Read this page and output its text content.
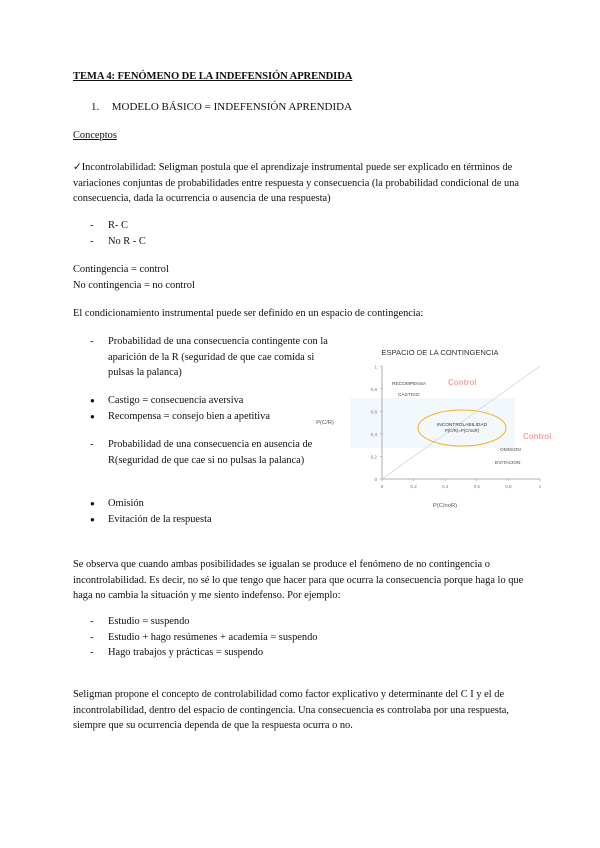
TEMA 4: FENÓMENO DE LA INDEFENSIÓN APRENDIDA
1. MODELO BÁSICO = INDEFENSIÓN APRENDIDA
Conceptos
✓Incontrolabilidad: Seligman postula que el aprendizaje instrumental puede ser explicado en términos de variaciones conjuntas de probabilidades entre respuesta y consecuencia (la probabilidad condicional de una consecuencia, dada la ocurrencia o ausencia de una respuesta)
-	R- C
-	No R - C
Contingencia = control
No contingencia = no control
El condicionamiento instrumental puede ser definido en un espacio de contingencia:
-	Probabilidad de una consecuencia contingente con la aparición de la R (seguridad de que cae comida si pulsas la palanca)
●	Castigo = consecuencia aversiva
●	Recompensa = consejo bien a apetitiva
-	Probabilidad de una consecuencia en ausencia de R(seguridad de que cae si no pulsas la palanca)
●	Omisión
●	Evitación de la respuesta
ESPACIO DE LA CONTINGENCIA
0
0,2
0,4
0,6
0,8
1
0	0,2	0,4	0,6	0,8	1
P(C/noR)
P(C/R)
RECOMPENSA
CASTIGO
Control
INCONTROLABILIDAD
P(C/R)=P(C/noR)
Control
OMISION
EVITACION
Se observa que cuando ambas posibilidades se igualan se produce el fenómeno de no contingencia o incontrolabilidad. Es decir, no sé lo que tengo que hacer para que ocurra la consecuencia porque haga lo que haga no cambia la situación y me siento indefenso. Por ejemplo:
-	Estudio = suspendo
-	Estudio + hago resúmenes + academia = suspendo
-	Hago trabajos y prácticas = suspendo
Seligman propone el concepto de controlabilidad como factor explicativo y determinante del C I y el de incontrolabilidad, dentro del espacio de contingencia. Una consecuencia es controlaba por una respuesta, siempre que su ocurrencia dependa de que la respuesta ocurra o no.
